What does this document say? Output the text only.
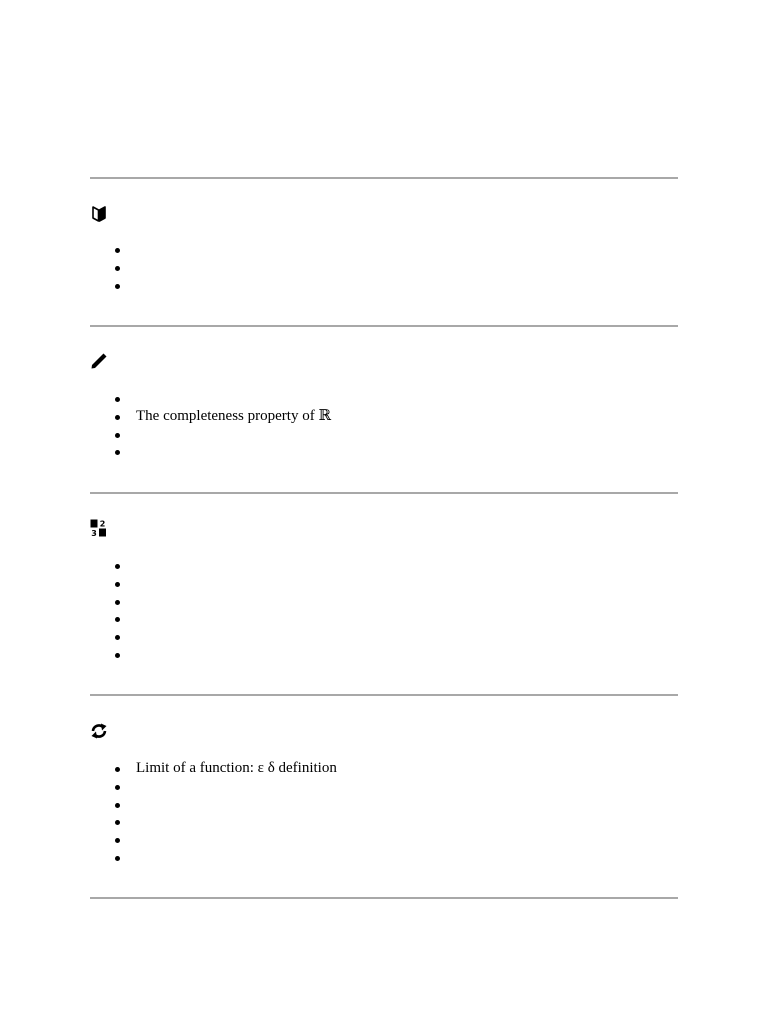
The completeness property of ℝ
2
3
Limit of a function: ε δ definition
